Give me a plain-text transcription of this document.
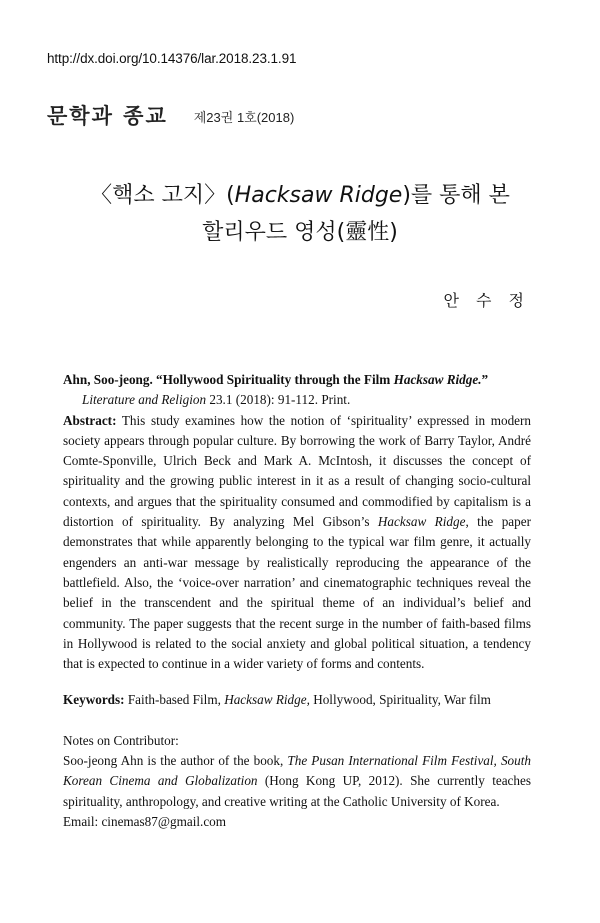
http://dx.doi.org/10.14376/lar.2018.23.1.91
문학과 종교 제23권 1호(2018)
〈핵소 고지〉(Hacksaw Ridge)를 통해 본
할리우드 영성(靈性)
안 수 정
Ahn, Soo-jeong. “Hollywood Spirituality through the Film Hacksaw Ridge.”
Literature and Religion 23.1 (2018): 91-112. Print.
Abstract: This study examines how the notion of ‘spirituality’ expressed in modern society appears through popular culture. By borrowing the work of Barry Taylor, André Comte-Sponville, Ulrich Beck and Mark A. McIntosh, it discusses the concept of spirituality and the growing public interest in it as a result of changing socio-cultural contexts, and argues that the spirituality consumed and commodified by capitalism is a distortion of spirituality. By analyzing Mel Gibson’s Hacksaw Ridge, the paper demonstrates that while apparently belonging to the typical war film genre, it actually engenders an anti-war message by realistically reproducing the appearance of the battlefield. Also, the ‘voice-over narration’ and cinematographic techniques reveal the belief in the transcendent and the spiritual theme of an individual’s belief and community. The paper suggests that the recent surge in the number of faith-based films in Hollywood is related to the social anxiety and global political situation, a tendency that is expected to continue in a wider variety of forms and contents.
Keywords: Faith-based Film, Hacksaw Ridge, Hollywood, Spirituality, War film
Notes on Contributor:
Soo-jeong Ahn is the author of the book, The Pusan International Film Festival, South Korean Cinema and Globalization (Hong Kong UP, 2012). She currently teaches spirituality, anthropology, and creative writing at the Catholic University of Korea.
Email: cinemas87@gmail.com
